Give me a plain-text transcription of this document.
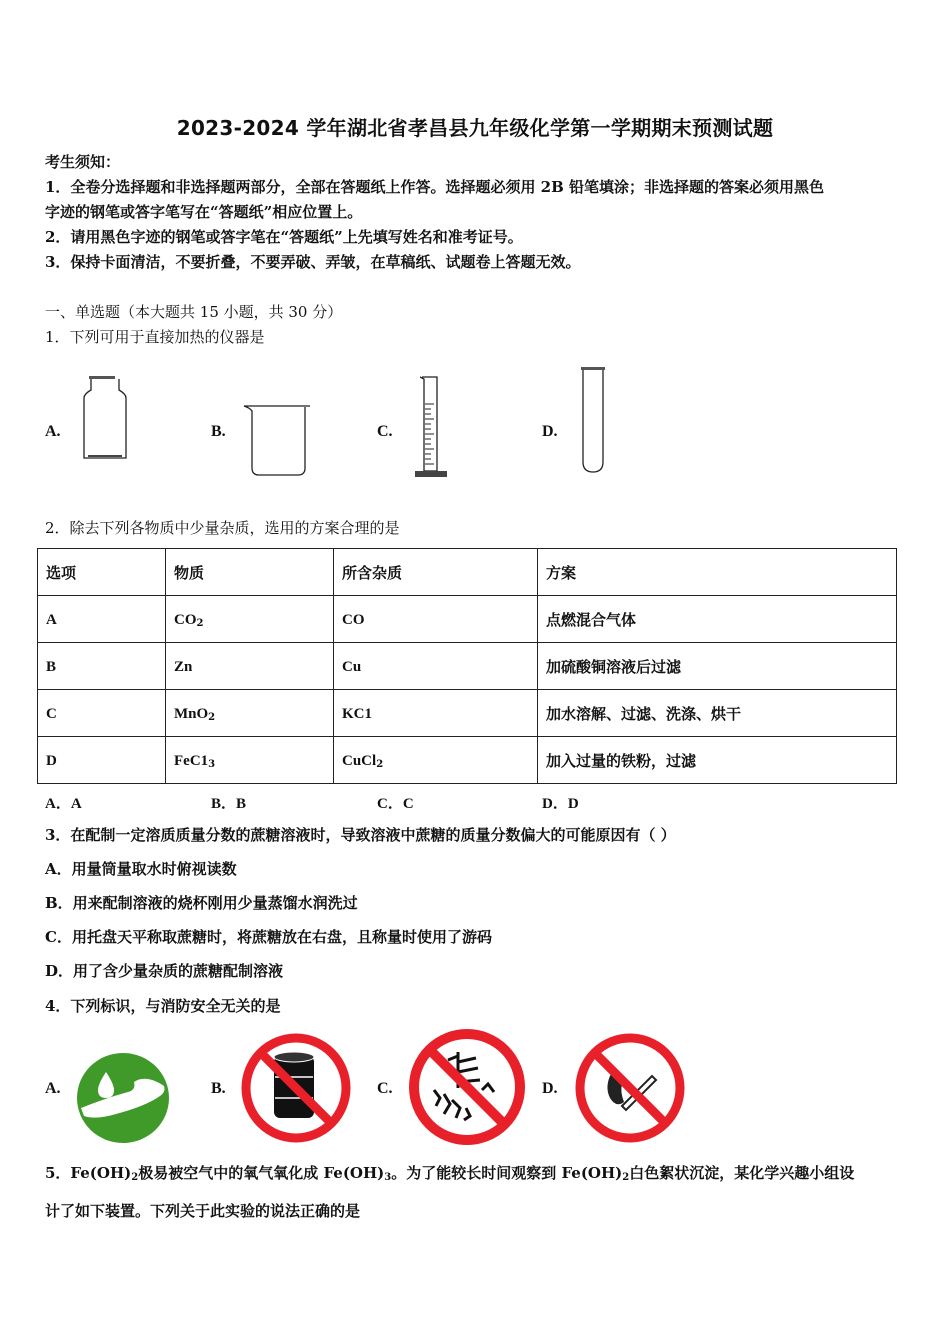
2023-2024 学年湖北省孝昌县九年级化学第一学期期末预测试题
考生须知：
1．全卷分选择题和非选择题两部分，全部在答题纸上作答。选择题必须用 2B 铅笔填涂；非选择题的答案必须用黑色
字迹的钢笔或答字笔写在“答题纸”相应位置上。
2．请用黑色字迹的钢笔或答字笔在“答题纸”上先填写姓名和准考证号。
3．保持卡面清洁，不要折叠，不要弄破、弄皱，在草稿纸、试题卷上答题无效。
一、单选题（本大题共 15 小题，共 30 分）
1．下列可用于直接加热的仪器是
A.	B.	C.	D.
2．除去下列各物质中少量杂质，选用的方案合理的是
选项	物质	所含杂质	方案
A	$CO_2$	CO	点燃混合气体
B	Zn	Cu	加硫酸铜溶液后过滤
C	MnO$_2$	KC1	加水溶解、过滤、洗涤、烘干
D	$FeC1_3$	CuCl$_2$	加入过量的铁粉，过滤
A．A	B．B	C．C	D．D
3．在配制一定溶质质量分数的蔗糖溶液时，导致溶液中蔗糖的质量分数偏大的可能原因有（ ）
A．用量筒量取水时俯视读数
B．用来配制溶液的烧杯刚用少量蒸馏水润洗过
C．用托盘天平称取蔗糖时，将蔗糖放在右盘，且称量时使用了游码
D．用了含少量杂质的蔗糖配制溶液
4．下列标识，与消防安全无关的是
A.	B.	C.	D.
5．$Fe(OH)_2$极易被空气中的氧气氧化成 $Fe(OH)_3$。为了能较长时间观察到 $Fe(OH)_2$白色絮状沉淀，某化学兴趣小组设
计了如下装置。下列关于此实验的说法正确的是
